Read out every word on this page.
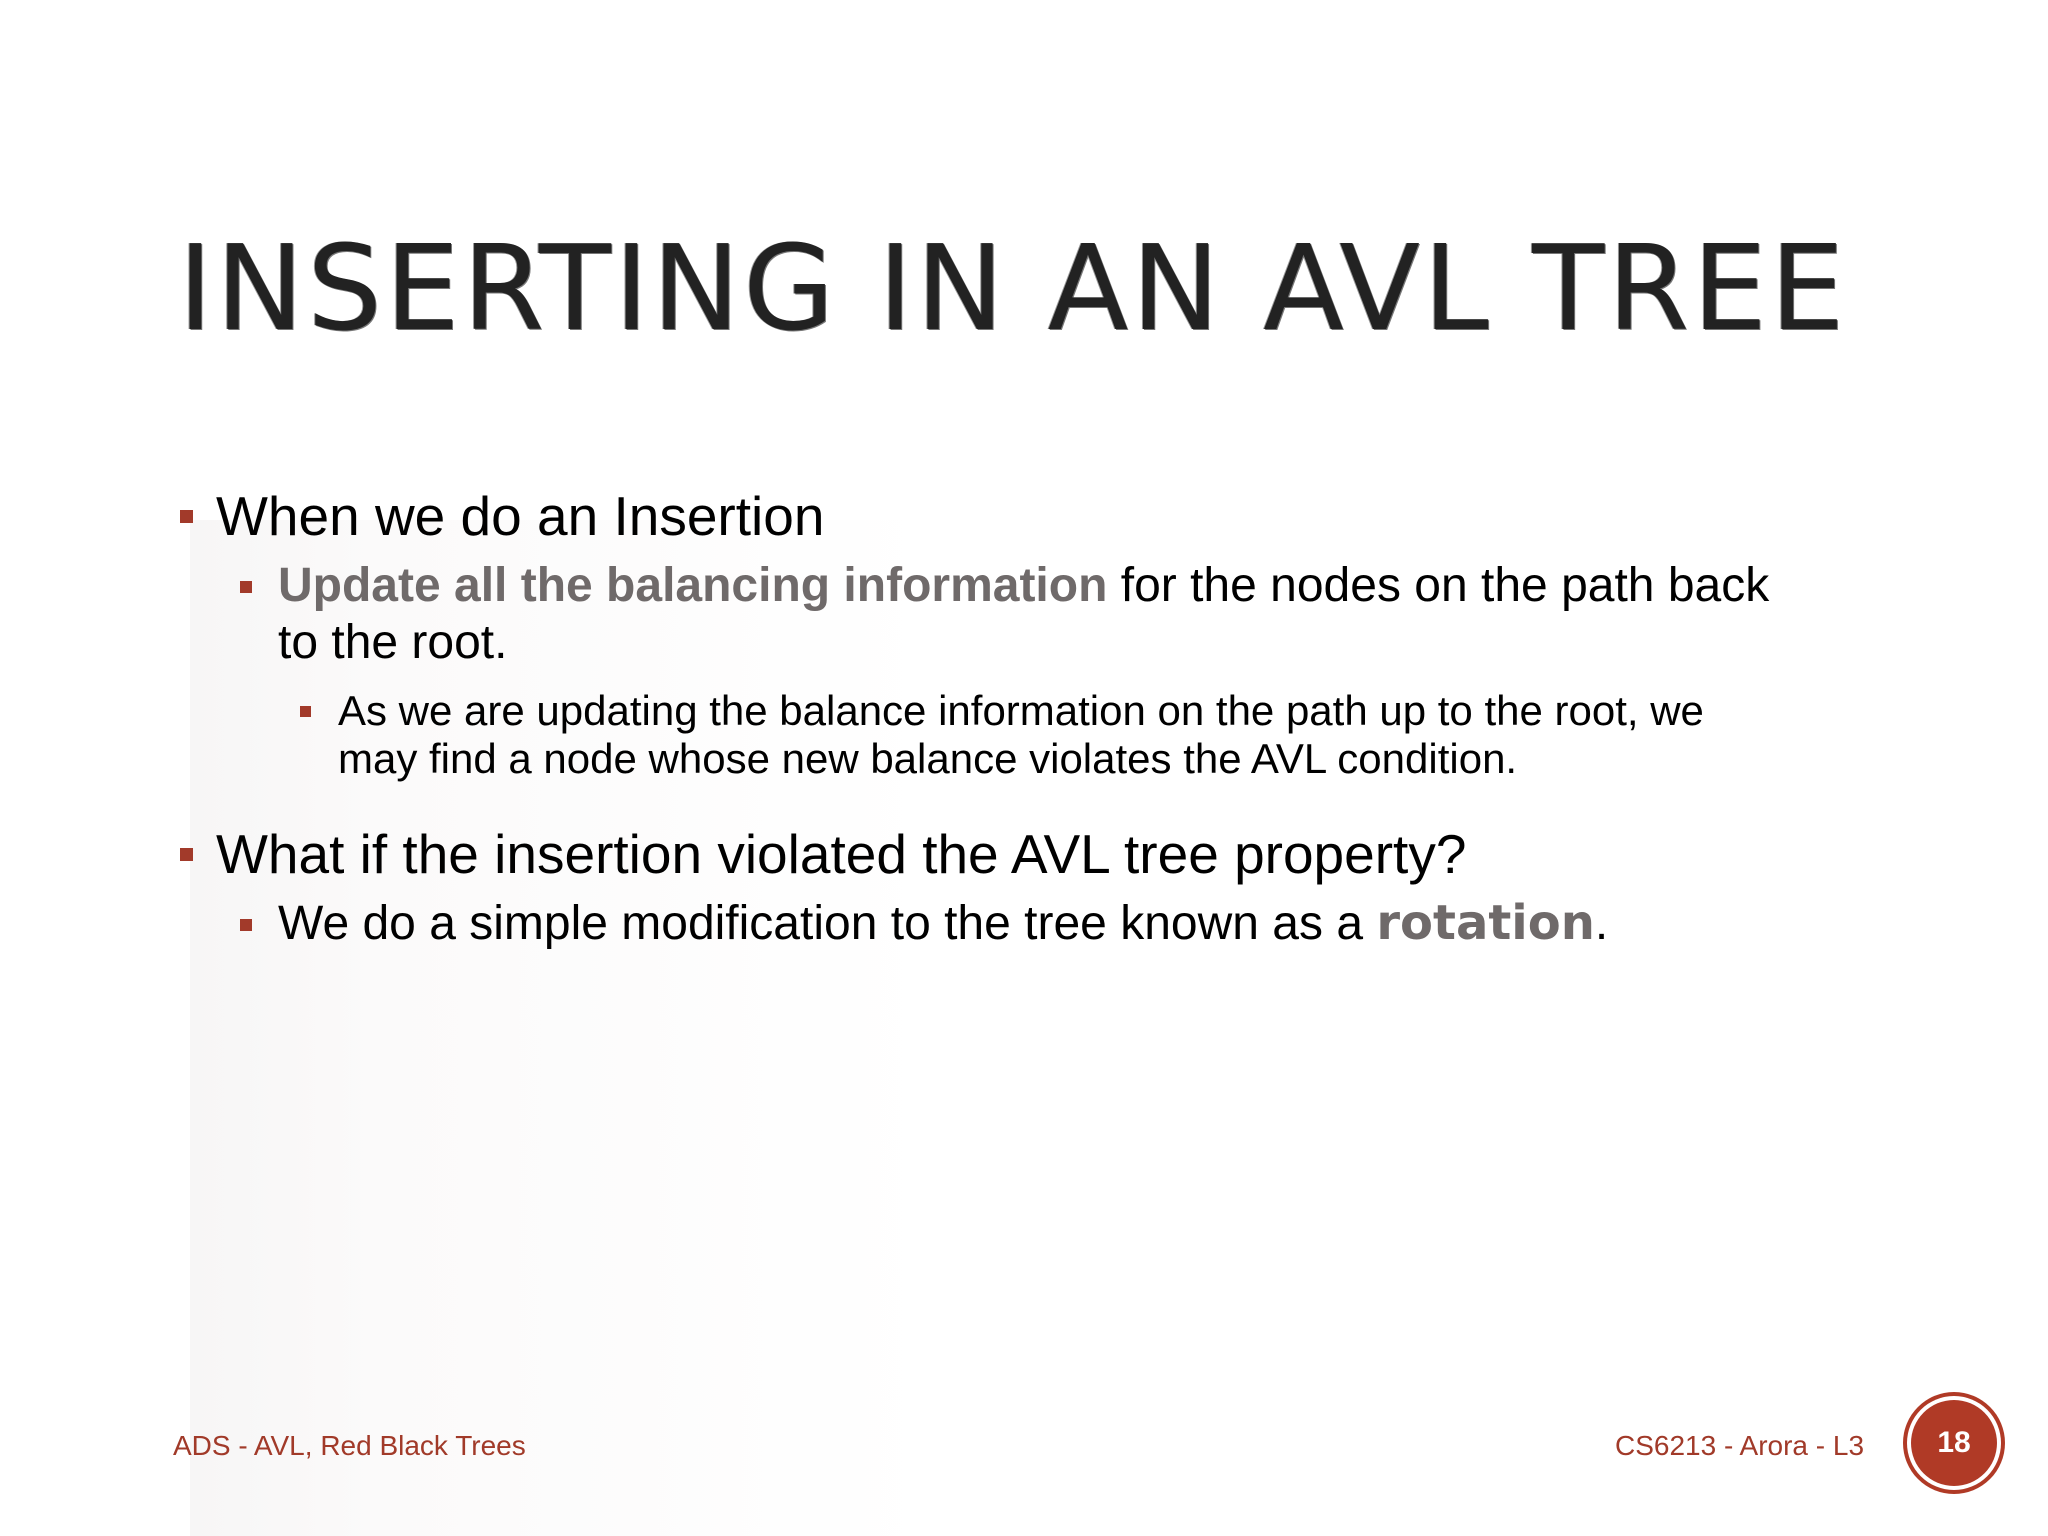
INSERTING IN AN AVL TREE
When we do an Insertion
Update all the balancing information for the nodes on the path back
to the root.
As we are updating the balance information on the path up to the root, we
may find a node whose new balance violates the AVL condition.
What if the insertion violated the AVL tree property?
We do a simple modification to the tree known as a rotation.
ADS - AVL, Red Black Trees	CS6213 - Arora - L3 18
